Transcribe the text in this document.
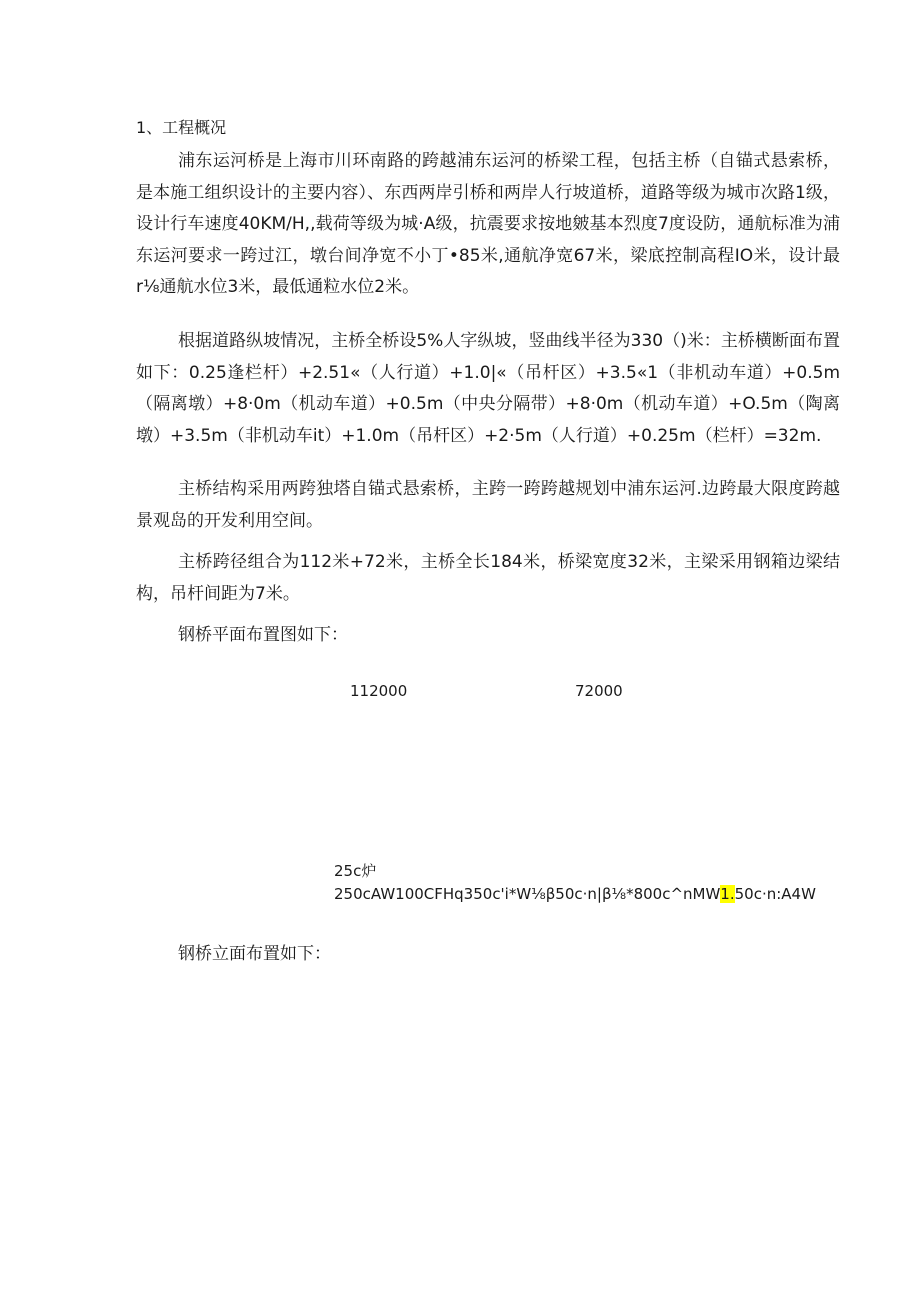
1、工程概况

浦东运河桥是上海市川环南路的跨越浦东运河的桥梁工程，包括主桥（自锚式悬索桥，是本施工组织设计的主要内容）、东西两岸引桥和两岸人行坡道桥，道路等级为城市次路1级，设计行车速度40KM/H,,载荷等级为城·A级，抗震要求按地皴基本烈度7度设防，通航标准为浦东运河要求一跨过江，墩台间净宽不小丁•85米,通航净宽67米，梁底控制高程IO米，设计最r⅛通航水位3米，最低通粒水位2米。

根据道路纵坡情况，主桥全桥设5%人字纵坡，竖曲线半径为330（)米：主桥横断面布置如下：0.25逢栏杆）+2.51«（人行道）+1.0|«（吊杆区）+3.5«1（非机动车道）+0.5m（隔离墩）+8·0m（机动车道）+0.5m（中央分隔带）+8·0m（机动车道）+O.5m（陶离墩）+3.5m（非机动车it）+1.0m（吊杆区）+2·5m（人行道）+0.25m（栏杆）=32m.

主桥结构采用两跨独塔自锚式悬索桥，主跨一跨跨越规划中浦东运河.边跨最大限度跨越景观岛的开发利用空间。

主桥跨径组合为112米+72米，主桥全长184米，桥梁宽度32米，主梁采用钢箱边梁结构，吊杆间距为7米。

钢桥平面布置图如下：

112000	72000
25c炉
250cAW100CFHq350c'i*W⅛β50c·n|β⅛*800c^nMW1.50c·n:A4W
钢桥立面布置如下：
